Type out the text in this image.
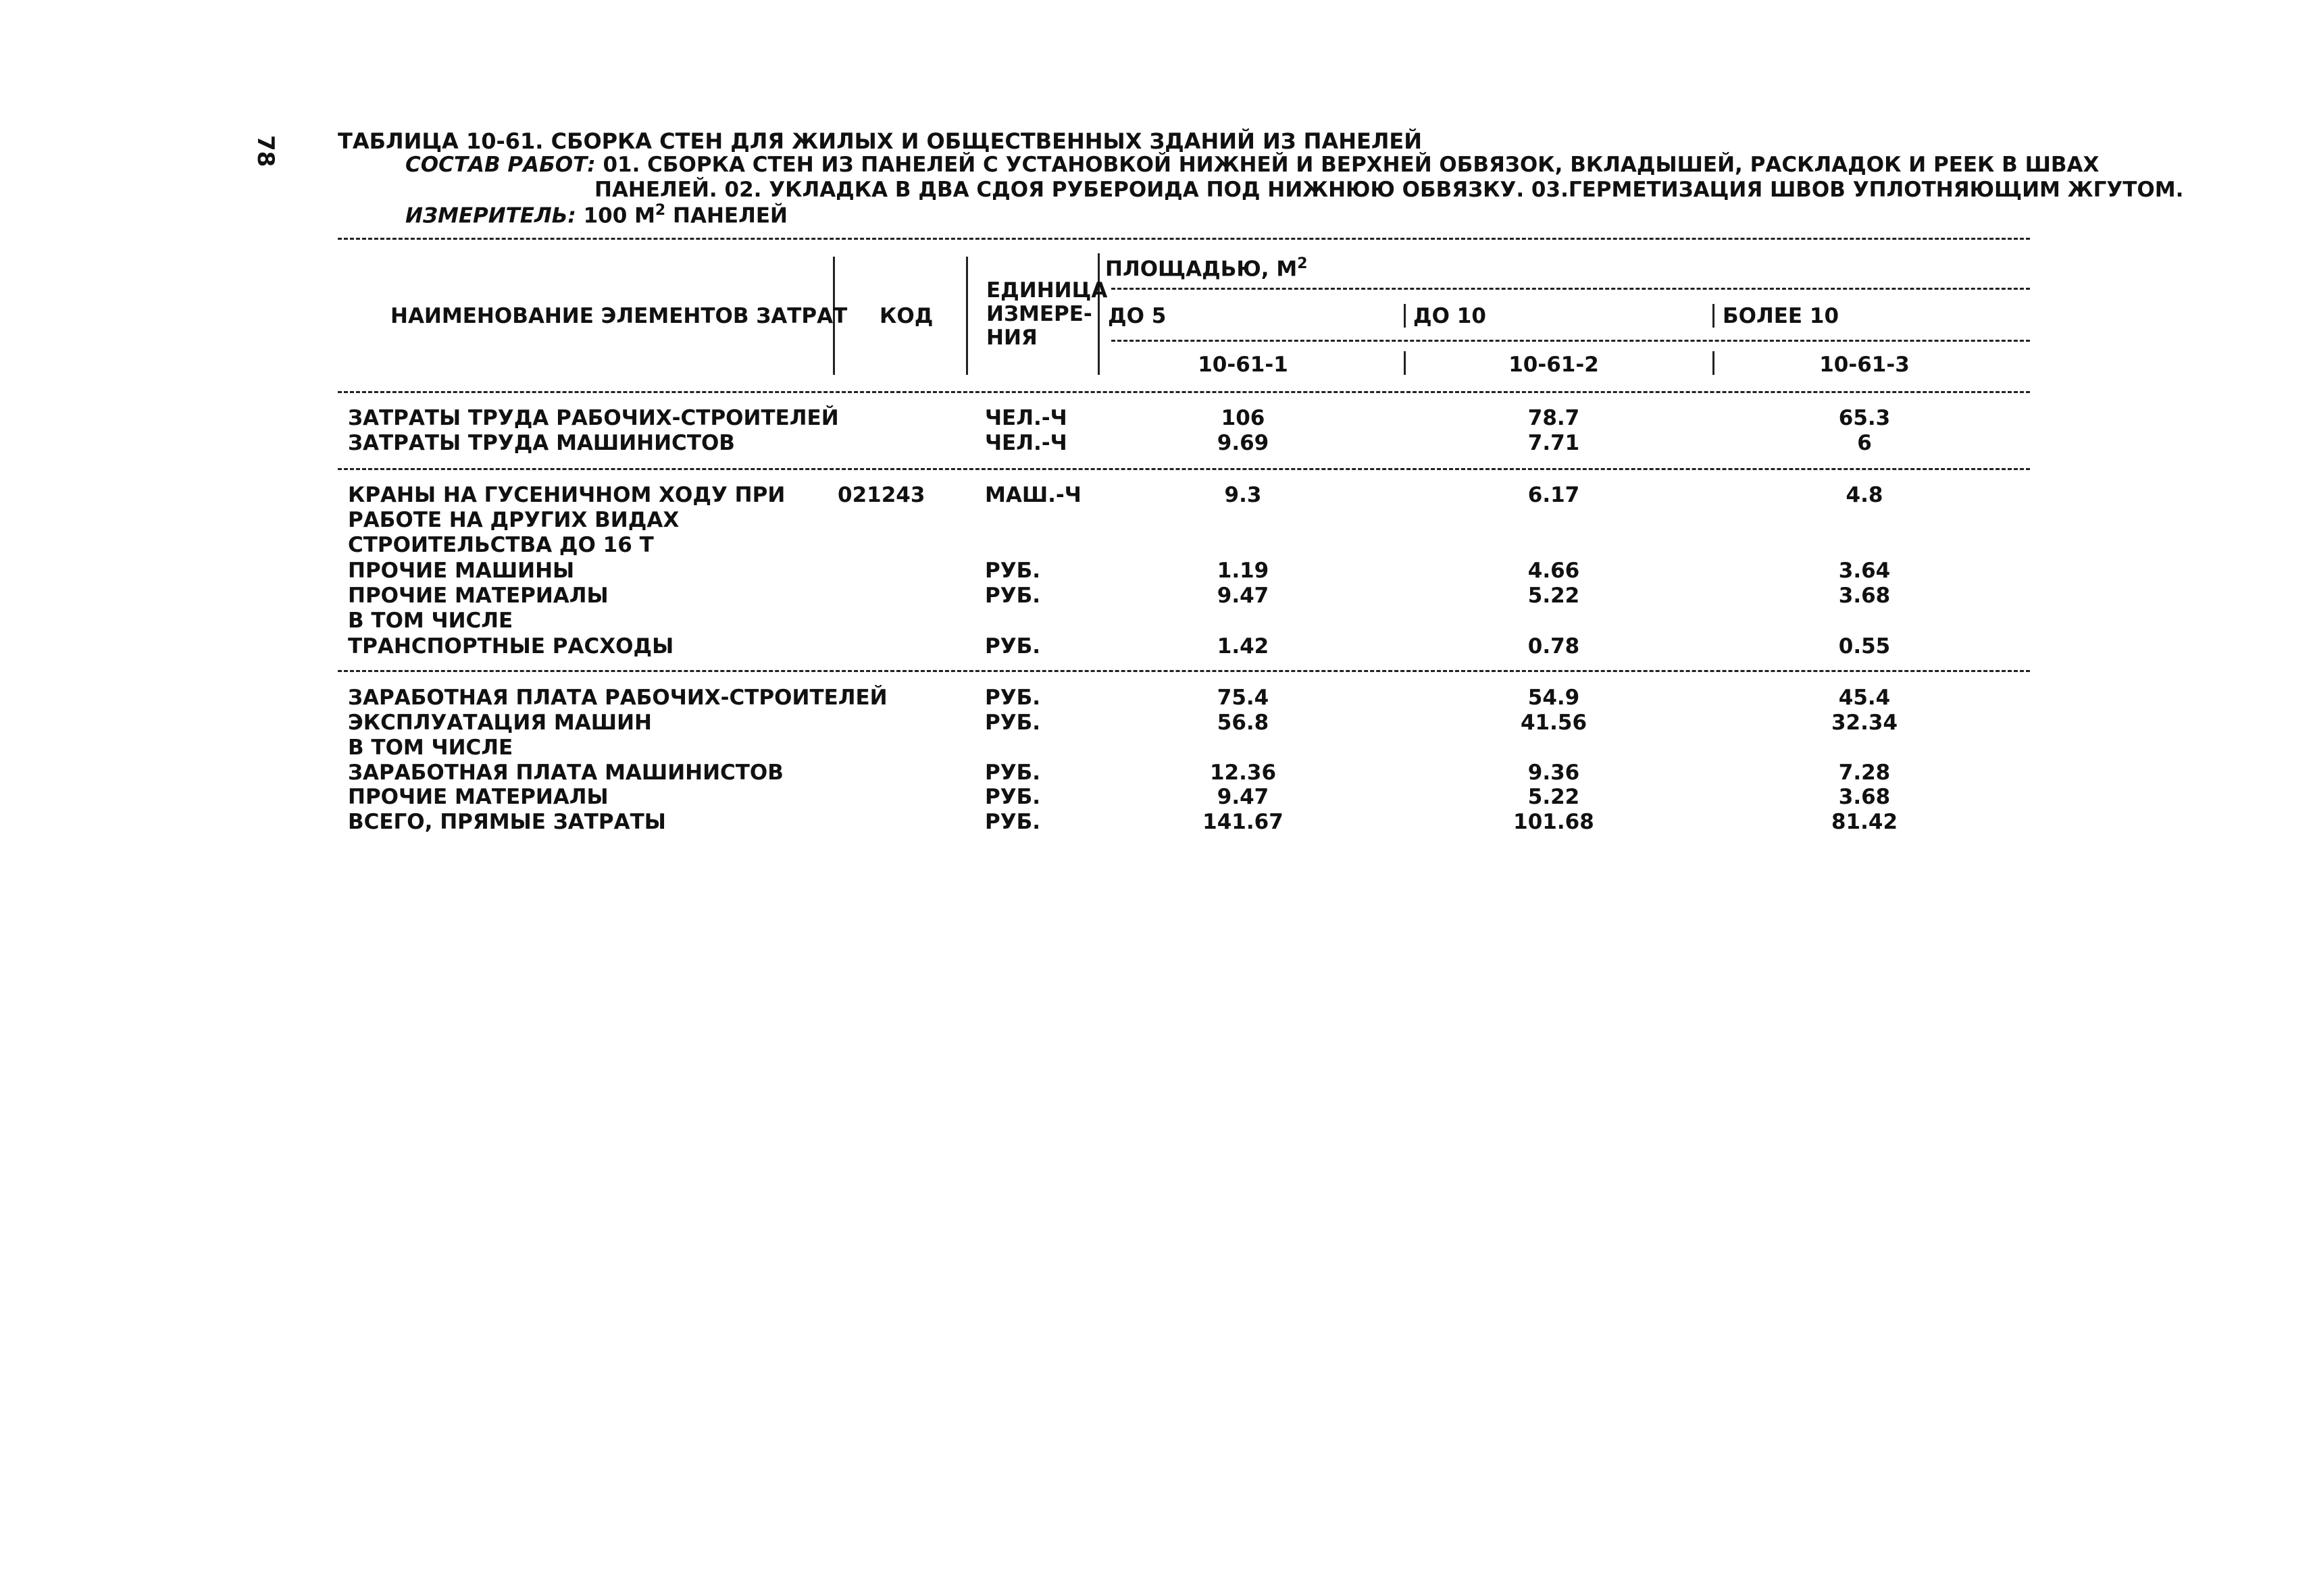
78	ТАБЛИЦА 10-61. СБОРКА СТЕН ДЛЯ ЖИЛЫХ И ОБЩЕСТВЕННЫХ ЗДАНИЙ ИЗ ПАНЕЛЕЙ
СОСТАВ РАБОТ: 01. СБОРКА СТЕН ИЗ ПАНЕЛЕЙ С УСТАНОВКОЙ НИЖНЕЙ И ВЕРХНЕЙ ОБВЯЗОК, ВКЛАДЫШЕЙ, РАСКЛАДОК И РЕЕК В ШВАХ
ПАНЕЛЕЙ. 02. УКЛАДКА В ДВА СДОЯ РУБЕРОИДА ПОД НИЖНЮЮ ОБВЯЗКУ. 03.ГЕРМЕТИЗАЦИЯ ШВОВ УПЛОТНЯЮЩИМ ЖГУТОМ.
ИЗМЕРИТЕЛЬ: 100 $М^2$ ПАНЕЛЕЙ
НАИМЕНОВАНИЕ ЭЛЕМЕНТОВ ЗАТРАТ КОД
ЕДИНИЦА
ИЗМЕРЕ-
НИЯ
ПЛОЩАДЬЮ, $М^2$
ДО 5	ДО 10	БОЛЕЕ 10
10-61-1	10-61-2	10-61-3
ЗАТРАТЫ ТРУДА РАБОЧИХ-СТРОИТЕЛЕЙ	ЧЕЛ.-Ч	106	78.7	65.3
ЗАТРАТЫ ТРУДА МАШИНИСТОВ	ЧЕЛ.-Ч	9.69	7.71	6
КРАНЫ НА ГУСЕНИЧНОМ ХОДУ ПРИ	021243	МАШ.-Ч	9.3	6.17	4.8
РАБОТЕ НА ДРУГИХ ВИДАХ
СТРОИТЕЛЬСТВА ДО 16 Т
ПРОЧИЕ МАШИНЫ	РУБ.	1.19	4.66	3.64
ПРОЧИЕ МАТЕРИАЛЫ	РУБ.	9.47	5.22	3.68
В ТОМ ЧИСЛЕ
ТРАНСПОРТНЫЕ РАСХОДЫ	РУБ.	1.42	0.78	0.55
ЗАРАБОТНАЯ ПЛАТА РАБОЧИХ-СТРОИТЕЛЕЙ	РУБ.	75.4	54.9	45.4
ЭКСПЛУАТАЦИЯ МАШИН	РУБ.	56.8	41.56	32.34
В ТОМ ЧИСЛЕ
ЗАРАБОТНАЯ ПЛАТА МАШИНИСТОВ	РУБ.	12.36	9.36	7.28
ПРОЧИЕ МАТЕРИАЛЫ	РУБ.	9.47	5.22	3.68
ВСЕГО, ПРЯМЫЕ ЗАТРАТЫ	РУБ.	141.67	101.68	81.42
